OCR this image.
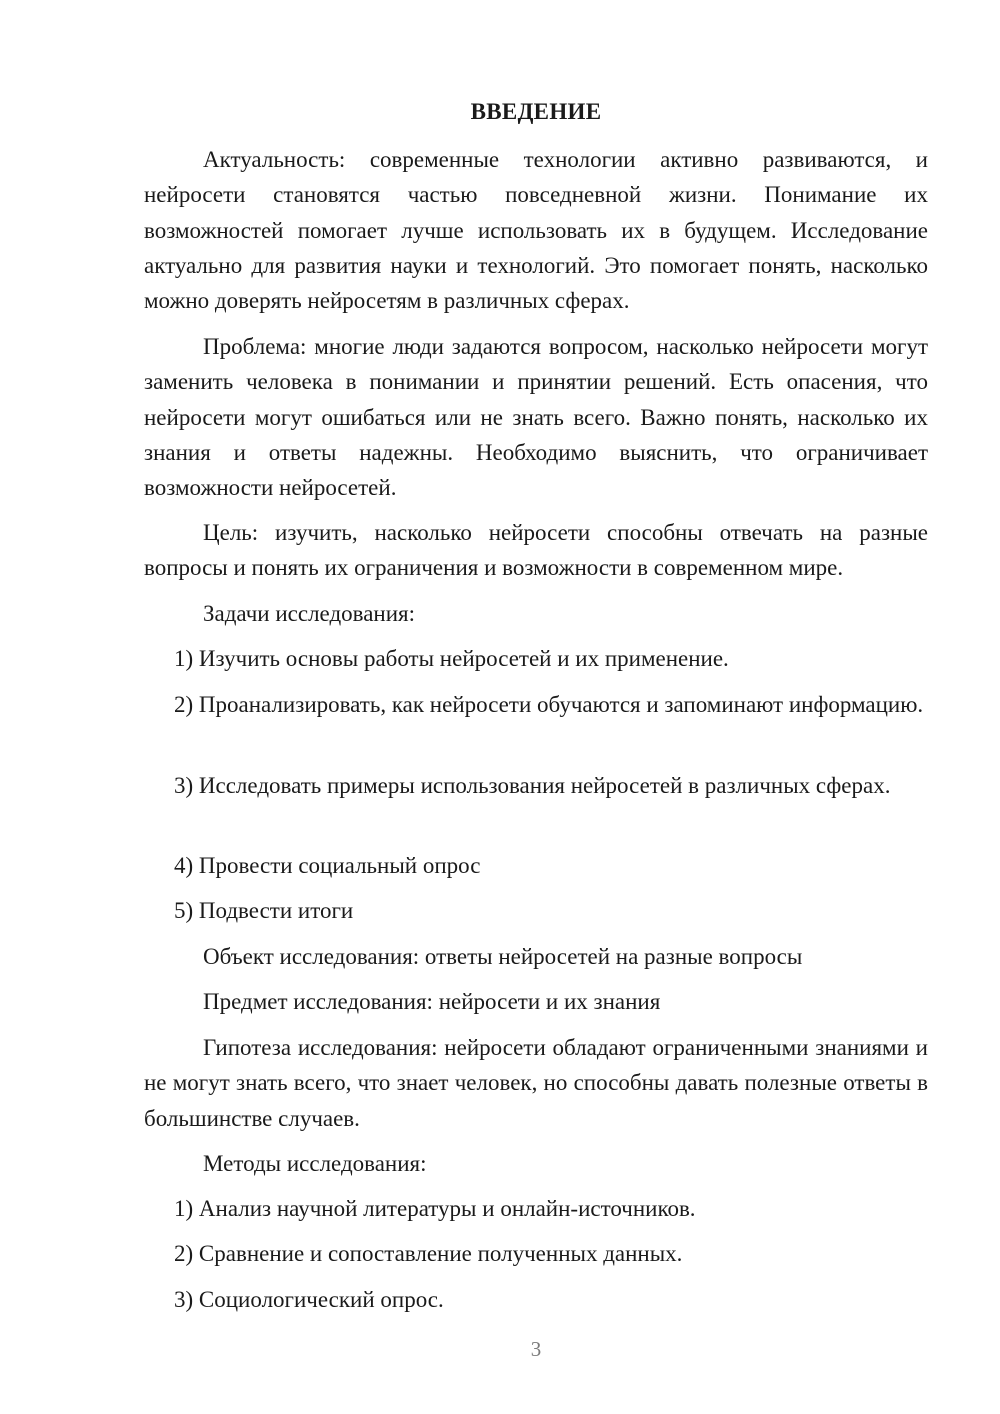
ВВЕДЕНИЕ

Актуальность: современные технологии активно развиваются, и нейросети становятся частью повседневной жизни. Понимание их возможностей помогает лучше использовать их в будущем. Исследование актуально для развития науки и технологий. Это помогает понять, насколько можно доверять нейросетям в различных сферах.

Проблема: многие люди задаются вопросом, насколько нейросети могут заменить человека в понимании и принятии решений. Есть опасения, что нейросети могут ошибаться или не знать всего. Важно понять, насколько их знания и ответы надежны. Необходимо выяснить, что ограничивает возможности нейросетей.

Цель: изучить, насколько нейросети способны отвечать на разные вопросы и понять их ограничения и возможности в современном мире.

Задачи исследования:

1) Изучить основы работы нейросетей и их применение.

2) Проанализировать, как нейросети обучаются и запоминают информацию.

3) Исследовать примеры использования нейросетей в различных сферах.

4) Провести социальный опрос

5) Подвести итоги

Объект исследования: ответы нейросетей на разные вопросы

Предмет исследования: нейросети и их знания

Гипотеза исследования: нейросети обладают ограниченными знаниями и не могут знать всего, что знает человек, но способны давать полезные ответы в большинстве случаев.

Методы исследования:

1) Анализ научной литературы и онлайн-источников.

2) Сравнение и сопоставление полученных данных.

3) Социологический опрос.

3
